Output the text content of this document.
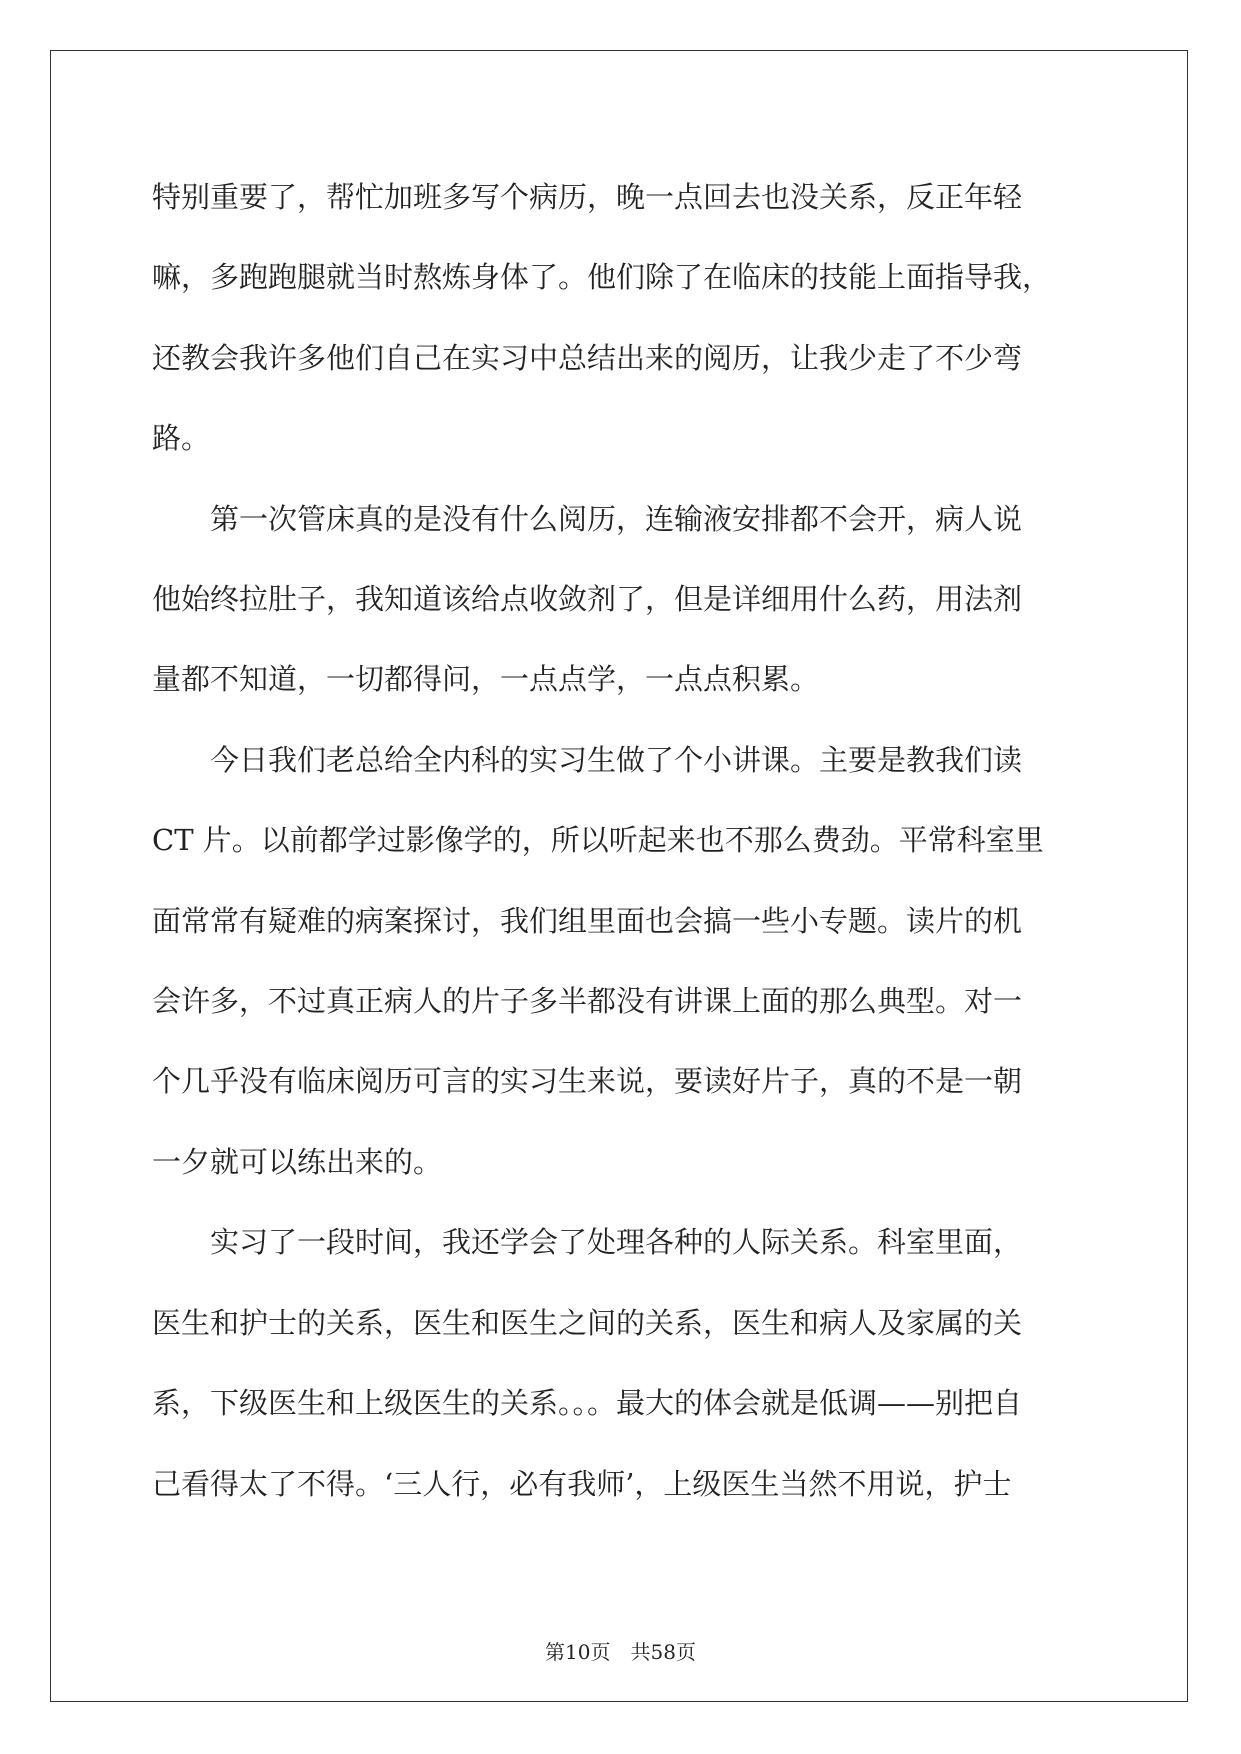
特别重要了，帮忙加班多写个病历，晚一点回去也没关系，反正年轻

嘛，多跑跑腿就当时熬炼身体了。他们除了在临床的技能上面指导我，

还教会我许多他们自己在实习中总结出来的阅历，让我少走了不少弯

路。

第一次管床真的是没有什么阅历，连输液安排都不会开，病人说

他始终拉肚子，我知道该给点收敛剂了，但是详细用什么药，用法剂

量都不知道，一切都得问，一点点学，一点点积累。

今日我们老总给全内科的实习生做了个小讲课。主要是教我们读

CT 片。以前都学过影像学的，所以听起来也不那么费劲。平常科室里

面常常有疑难的病案探讨，我们组里面也会搞一些小专题。读片的机

会许多，不过真正病人的片子多半都没有讲课上面的那么典型。对一

个几乎没有临床阅历可言的实习生来说，要读好片子，真的不是一朝

一夕就可以练出来的。

实习了一段时间，我还学会了处理各种的人际关系。科室里面，

医生和护士的关系，医生和医生之间的关系，医生和病人及家属的关

系，下级医生和上级医生的关系。。。最大的体会就是低调——别把自

己看得太了不得。‘三人行，必有我师’，上级医生当然不用说，护士

第10页　共58页
